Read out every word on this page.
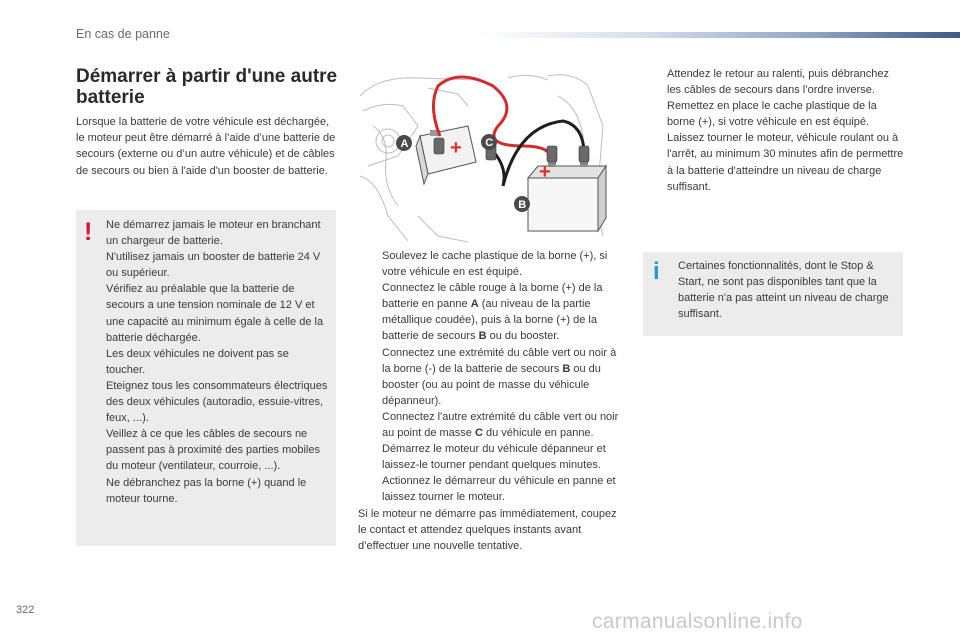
En cas de panne
Démarrer à partir d'une autre batterie
Lorsque la batterie de votre véhicule est déchargée, le moteur peut être démarré à l’aide d’une batterie de secours (externe ou d’un autre véhicule) et de câbles de secours ou bien à l'aide d'un booster de batterie.
! Ne démarrez jamais le moteur en branchant un chargeur de batterie.
N'utilisez jamais un booster de batterie 24 V ou supérieur.
Vérifiez au préalable que la batterie de secours a une tension nominale de 12 V et une capacité au minimum égale à celle de la batterie déchargée.
Les deux véhicules ne doivent pas se toucher.
Eteignez tous les consommateurs électriques des deux véhicules (autoradio, essuie-vitres, feux, ...).
Veillez à ce que les câbles de secours ne passent pas à proximité des parties mobiles du moteur (ventilateur, courroie, ...).
Ne débranchez pas la borne (+) quand le moteur tourne.
+
+
A	C
B
Soulevez le cache plastique de la borne (+), si votre véhicule en est équipé.
Connectez le câble rouge à la borne (+) de la batterie en panne A (au niveau de la partie métallique coudée), puis à la borne (+) de la batterie de secours B ou du booster.
Connectez une extrémité du câble vert ou noir à la borne (-) de la batterie de secours B ou du booster (ou au point de masse du véhicule dépanneur).
Connectez l'autre extrémité du câble vert ou noir au point de masse C du véhicule en panne.
Démarrez le moteur du véhicule dépanneur et laissez-le tourner pendant quelques minutes.
Actionnez le démarreur du véhicule en panne et laissez tourner le moteur.
Si le moteur ne démarre pas immédiatement, coupez le contact et attendez quelques instants avant d’effectuer une nouvelle tentative.
Attendez le retour au ralenti, puis débranchez les câbles de secours dans l’ordre inverse.
Remettez en place le cache plastique de la borne (+), si votre véhicule en est équipé.
Laissez tourner le moteur, véhicule roulant ou à l'arrêt, au minimum 30 minutes afin de permettre à la batterie d'atteindre un niveau de charge suffisant.
i Certaines fonctionnalités, dont le Stop & Start, ne sont pas disponibles tant que la batterie n'a pas atteint un niveau de charge suffisant.
322	carmanualsonline.info
